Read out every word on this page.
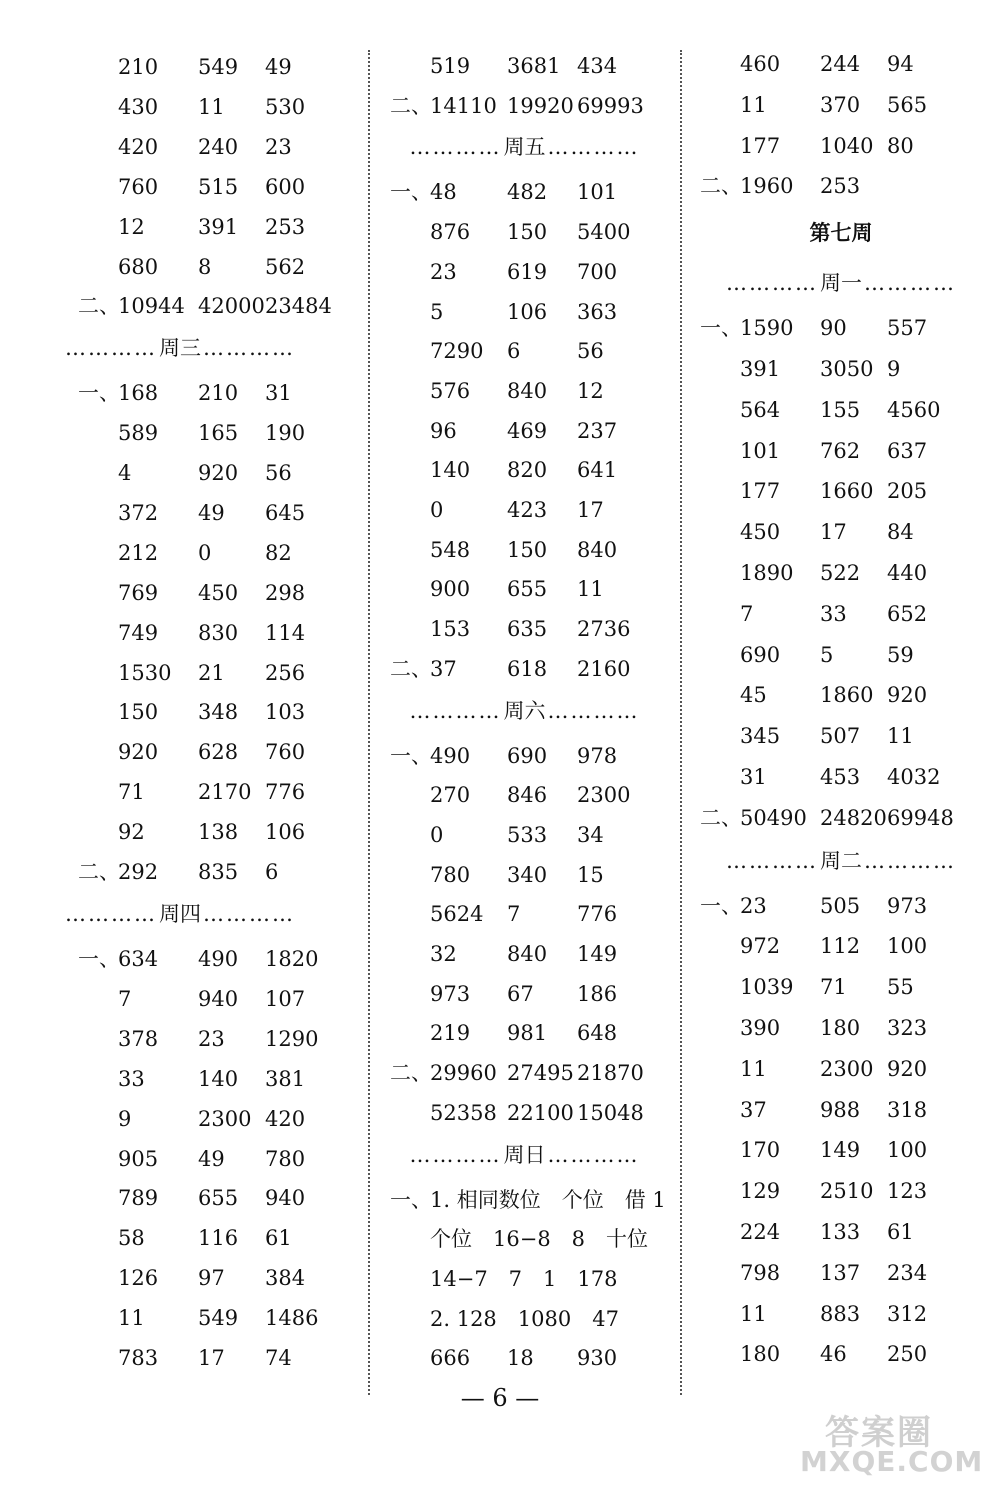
210 549 49
430 11 530
420 240 23
760 515 600
12	391 253
680 8	562
二、
10944 42000 23484
…………周三…………
一、
168 210 31
589 165 190
4	920 56
372 49 645
212 0	82
769 450 298
749 830 114
1530 21 256
150 348 103
920 628 760
71	2170 776
92	138 106
二、
292 835 6
…………周四…………
一、
634 490 1820
7	940 107
378 23 1290
33	140 381
9	2300 420
905 49 780
789 655 940
58	116 61
126 97 384
11	549 1486
783 17 74
519 3681 434
二、
14110 19920 69993
…………周五…………
一、
48 482 101
876 150 5400
23 619 700
5	106 363
7290 6	56
576 840 12
96 469 237
140 820 641
0	423 17
548 150 840
900 655 11
153 635 2736
二、
37 618 2160
…………周六…………
一、
490 690 978
270 846 2300
0	533 34
780 340 15
5624 7	776
32 840 149
973 67 186
219 981 648
二、
29960 27495 21870
52358 22100 15048
…………周日…………
一、
1. 相同数位　个位　借 1
个位　16−8　8　十位
14−7　7　1　178
2. 128　1080　47
666 18 930
460 244 94
11	370 565
177 1040 80
二、
1960 253
第七周
…………周一…………
一、
1590 90 557
391 3050 9
564 155 4560
101 762 637
177 1660 205
450 17 84
1890 522 440
7	33 652
690 5	59
45	1860 920
345 507 11
31	453 4032
二、
50490 24820 69948
…………周二…………
一、
23	505 973
972 112 100
1039 71 55
390 180 323
11	2300 920
37	988 318
170 149 100
129 2510 123
224 133 61
798 137 234
11	883 312
180 46 250
— 6 —
答案圈
MXQE.COM
